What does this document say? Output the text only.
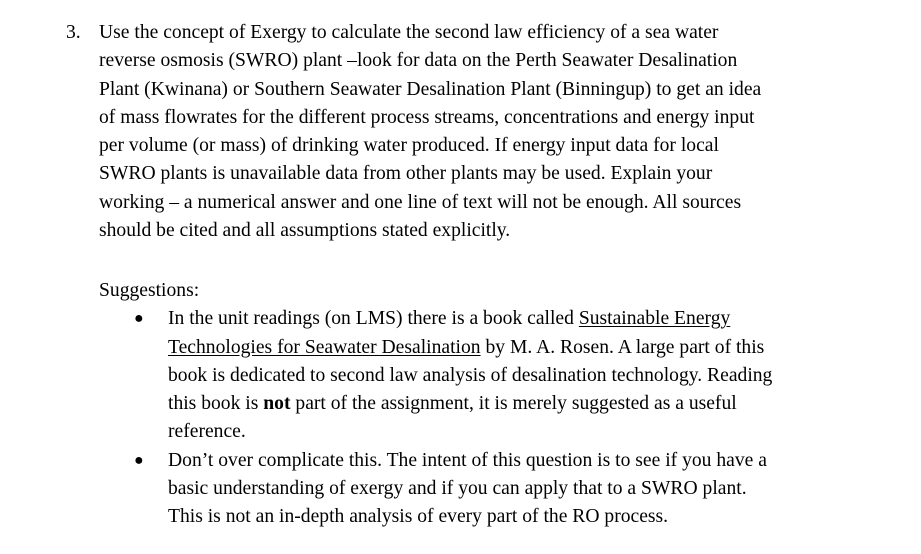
3. Use the concept of Exergy to calculate the second law efficiency of a sea water
reverse osmosis (SWRO) plant –look for data on the Perth Seawater Desalination
Plant (Kwinana) or Southern Seawater Desalination Plant (Binningup) to get an idea
of mass flowrates for the different process streams, concentrations and energy input
per volume (or mass) of drinking water produced. If energy input data for local
SWRO plants is unavailable data from other plants may be used. Explain your
working – a numerical answer and one line of text will not be enough. All sources
should be cited and all assumptions stated explicitly.
Suggestions:
● In the unit readings (on LMS) there is a book called Sustainable Energy
Technologies for Seawater Desalination by M. A. Rosen. A large part of this
book is dedicated to second law analysis of desalination technology. Reading
this book is not part of the assignment, it is merely suggested as a useful
reference.
● Don’t over complicate this. The intent of this question is to see if you have a
basic understanding of exergy and if you can apply that to a SWRO plant.
This is not an in-depth analysis of every part of the RO process.
